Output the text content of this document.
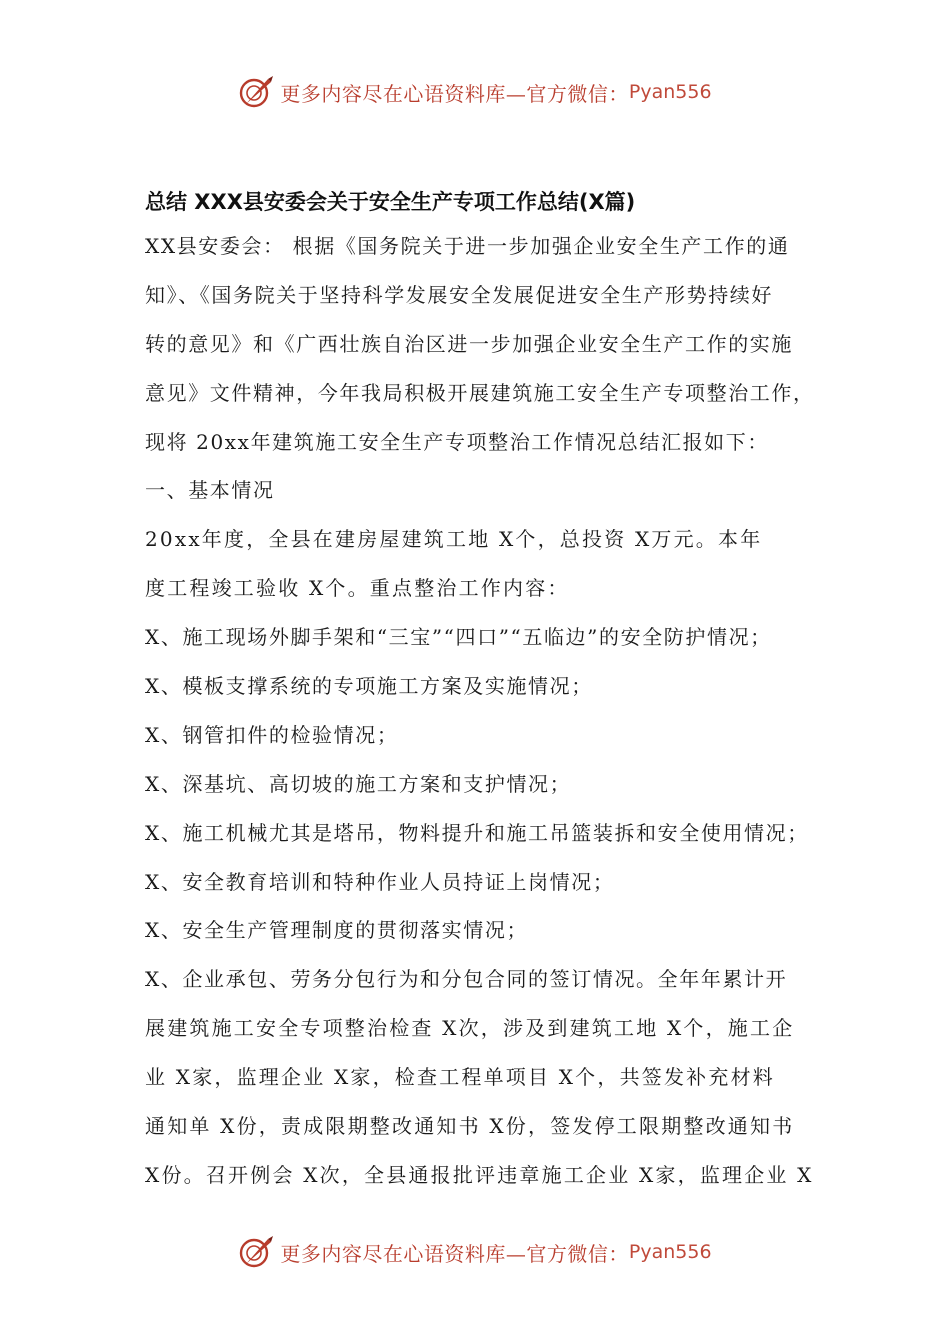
更多内容尽在心语资料库—官方微信： Pyan556
总结 XXX县安委会关于安全生产专项工作总结(X篇)
XX县安委会： 根据《国务院关于进一步加强企业安全生产工作的通
知》、《国务院关于坚持科学发展安全发展促进安全生产形势持续好
转的意见》和《广西壮族自治区进一步加强企业安全生产工作的实施
意见》文件精神，今年我局积极开展建筑施工安全生产专项整治工作，
现将 20xx年建筑施工安全生产专项整治工作情况总结汇报如下：
一、基本情况
20xx年度，全县在建房屋建筑工地 X个，总投资 X万元。本年
度工程竣工验收 X个。重点整治工作内容：
X、施工现场外脚手架和“三宝”“四口”“五临边”的安全防护情况；
X、模板支撑系统的专项施工方案及实施情况；
X、钢管扣件的检验情况；
X、深基坑、高切坡的施工方案和支护情况；
X、施工机械尤其是塔吊，物料提升和施工吊篮装拆和安全使用情况；
X、安全教育培训和特种作业人员持证上岗情况；
X、安全生产管理制度的贯彻落实情况；
X、企业承包、劳务分包行为和分包合同的签订情况。全年年累计开
展建筑施工安全专项整治检查 X次，涉及到建筑工地 X个，施工企
业 X家，监理企业 X家，检查工程单项目 X个，共签发补充材料
通知单 X份，责成限期整改通知书 X份，签发停工限期整改通知书
X份。召开例会 X次，全县通报批评违章施工企业 X家，监理企业 X
更多内容尽在心语资料库—官方微信： Pyan556
